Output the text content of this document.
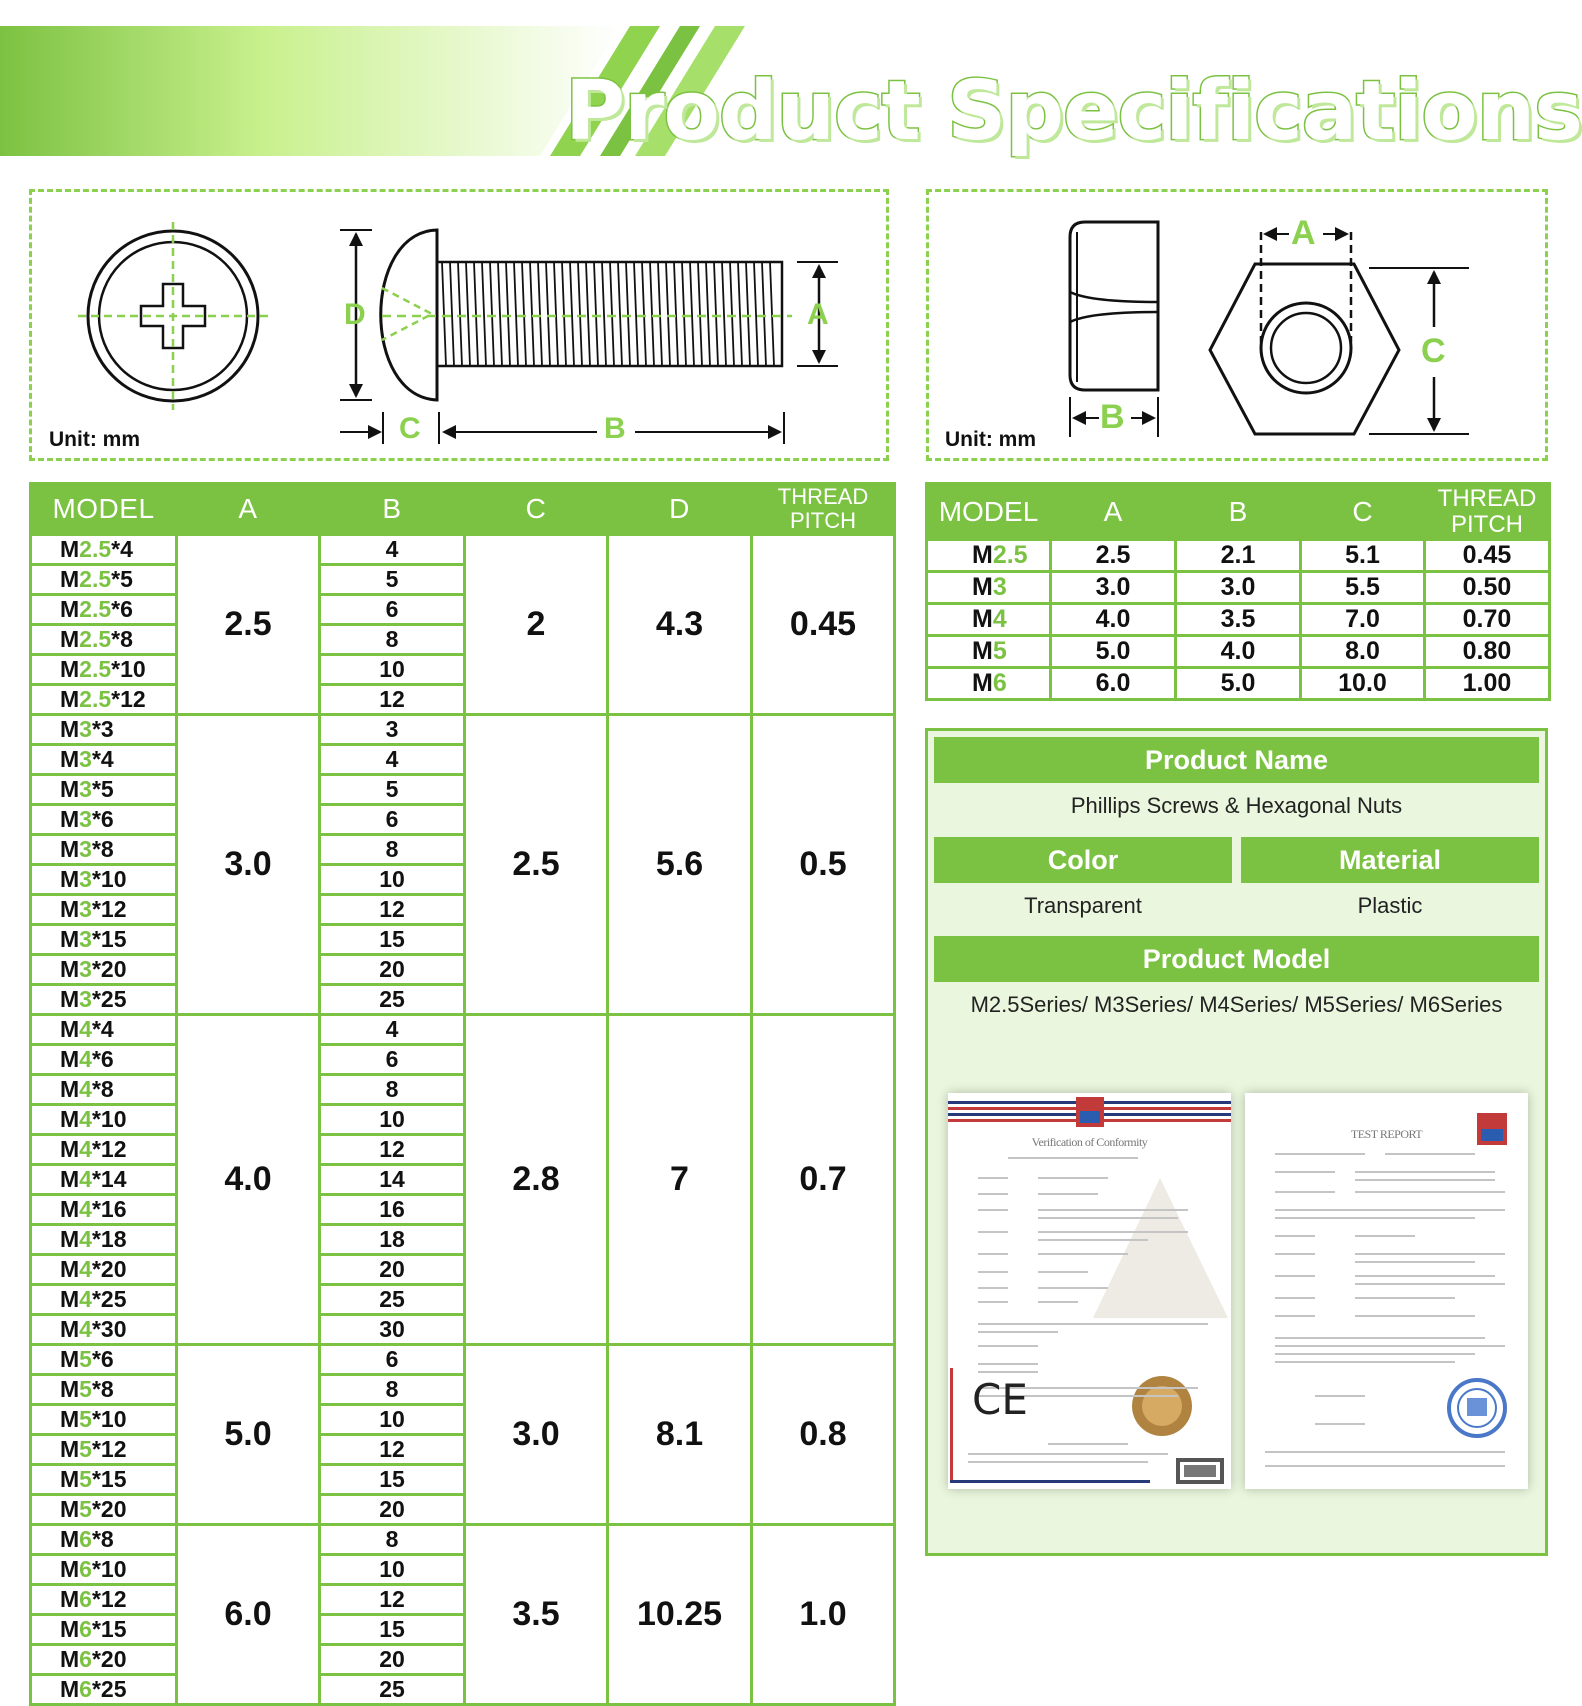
Product Specifications
D	A
C	B
Unit: mm
A
B
C
Unit: mm
MODEL	A	B	C	D	THREAD
PITCH

M2.5*4	2.5	4	2	4.3	0.45
M2.5*5		5			
M2.5*6		6			
M2.5*8		8			
M2.5*10		10			
M2.5*12		12			
M3*3	3.0	3	2.5	5.6	0.5
M3*4		4			
M3*5		5			
M3*6		6			
M3*8		8			
M3*10		10			
M3*12		12			
M3*15		15			
M3*20		20			
M3*25		25			
M4*4	4.0	4	2.8	7	0.7
M4*6		6			
M4*8		8			
M4*10		10			
M4*12		12			
M4*14		14			
M4*16		16			
M4*18		18			
M4*20		20			
M4*25		25			
M4*30		30			
M5*6	5.0	6	3.0	8.1	0.8
M5*8		8			
M5*10		10			
M5*12		12			
M5*15		15			
M5*20		20			
M6*8	6.0	8	3.5	10.25	1.0
M6*10		10			
M6*12		12			
M6*15		15			
M6*20		20			
M6*25		25			
MODEL	A	B	C	THREAD
PITCH

M2.5	2.5	2.1	5.1	0.45
M3	3.0	3.0	5.5	0.50
M4	4.0	3.5	7.0	0.70
M5	5.0	4.0	8.0	0.80
M6	6.0	5.0	10.0	1.00
Product Name
Phillips Screws & Hexagonal Nuts
Color	Material
Transparent	Plastic
Product Model
M2.5Series/ M3Series/ M4Series/ M5Series/ M6Series
Verification of Conformity
CE
TEST REPORT
